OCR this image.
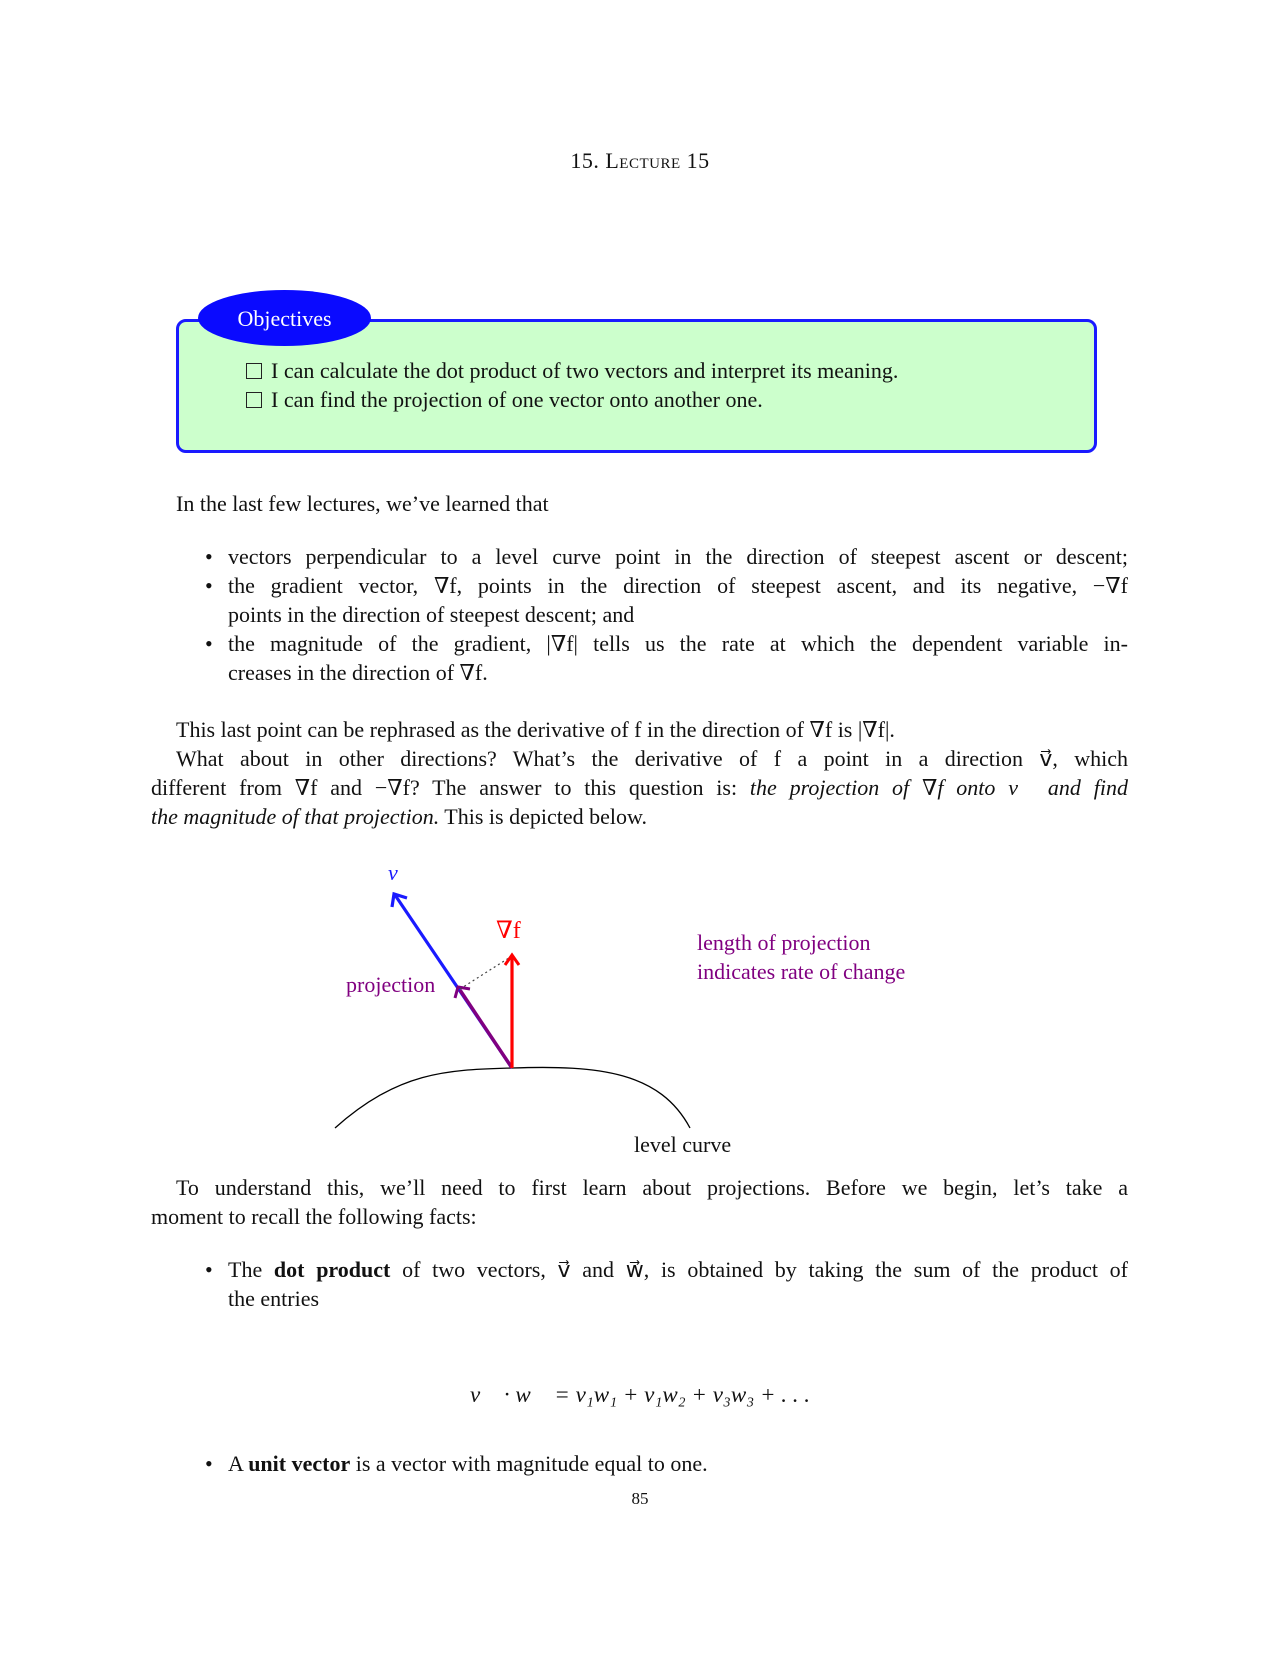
15. Lecture 15
Objectives
I can calculate the dot product of two vectors and interpret its meaning.
I can find the projection of one vector onto another one.
In the last few lectures, we’ve learned that
• vectors perpendicular to a level curve point in the direction of steepest ascent or descent;
• the gradient vector, ∇f, points in the direction of steepest ascent, and its negative, −∇f
points in the direction of steepest descent; and
• the magnitude of the gradient, |∇f| tells us the rate at which the dependent variable in-
creases in the direction of ∇f.
This last point can be rephrased as the derivative of f in the direction of ∇f is |∇f|.
What about in other directions? What’s the derivative of f a point in a direction v⃗, which
different from ∇f and −∇f? The answer to this question is: the projection of ∇f onto v⃗ and find
the magnitude of that projection. This is depicted below.
v⃗
∇f
projection
length of projection
indicates rate of change
level curve
To understand this, we’ll need to first learn about projections. Before we begin, let’s take a
moment to recall the following facts:
• The dot product of two vectors, v⃗ and w⃗, is obtained by taking the sum of the product of
the entries
v⃗ · w⃗ = v₁w₁ + v₁w₂ + v₃w₃ + . . .
• A unit vector is a vector with magnitude equal to one.
85
